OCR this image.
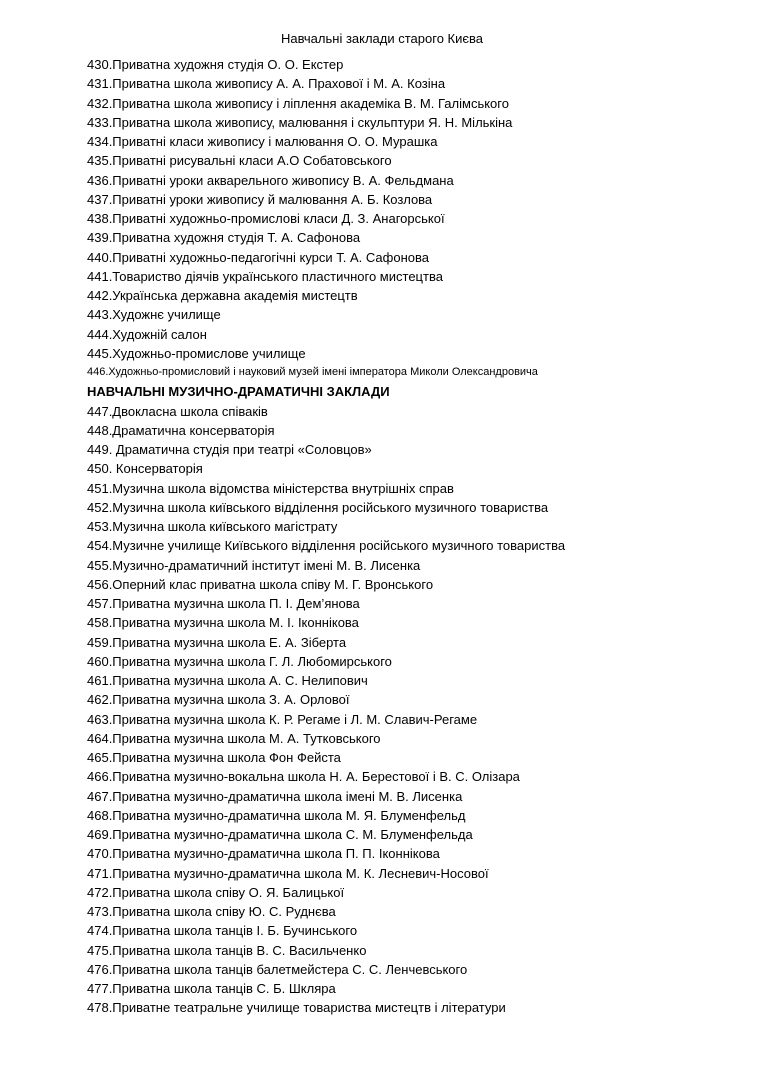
Навчальні заклади старого Києва
430.Приватна художня студія О. О. Екстер
431.Приватна школа живопису А. А. Прахової і М. А. Козіна
432.Приватна школа живопису і ліплення академіка В. М. Галімського
433.Приватна школа живопису, малювання і скульптури Я. Н. Мількіна
434.Приватні класи живопису і малювання О. О. Мурашка
435.Приватні рисувальні класи А.О Собатовського
436.Приватні уроки акварельного живопису В. А. Фельдмана
437.Приватні уроки живопису й малювання А. Б. Козлова
438.Приватні художньо-промислові класи Д. З. Анагорської
439.Приватна художня студія Т. А. Сафонова
440.Приватні художньо-педагогічні курси Т. А. Сафонова
441.Товариство діячів українського пластичного мистецтва
442.Українська державна академія мистецтв
443.Художнє училище
444.Художній салон
445.Художньо-промислове училище
446.Художньо-промисловий і науковий музей імені імператора Миколи Олександровича
НАВЧАЛЬНІ МУЗИЧНО-ДРАМАТИЧНІ ЗАКЛАДИ
447.Двокласна школа співаків
448.Драматична консерваторія
449. Драматична студія при театрі «Соловцов»
450. Консерваторія
451.Музична школа відомства міністерства внутрішніх справ
452.Музична школа київського відділення російського музичного товариства
453.Музична школа київського магістрату
454.Музичне училище Київського відділення російського музичного товариства
455.Музично-драматичний інститут імені М. В. Лисенка
456.Оперний клас приватна школа співу М. Г. Вронського
457.Приватна музична школа П. І. Дем’янова
458.Приватна музична школа М. І. Іконнікова
459.Приватна музична школа Е. А. Зіберта
460.Приватна музична школа Г. Л. Любомирського
461.Приватна музична школа А. С. Нелипович
462.Приватна музична школа З. А. Орлової
463.Приватна музична школа К. Р. Регаме і Л. М. Славич-Регаме
464.Приватна музична школа М. А. Тутковського
465.Приватна музична школа Фон Фейста
466.Приватна музично-вокальна школа Н. А. Берестової і В. С. Олізара
467.Приватна музично-драматична школа імені М. В. Лисенка
468.Приватна музично-драматична школа М. Я. Блуменфельд
469.Приватна музично-драматична школа С. М. Блуменфельда
470.Приватна музично-драматична школа П. П. Іконнікова
471.Приватна музично-драматична школа М. К. Лесневич-Носової
472.Приватна школа співу О. Я. Балицької
473.Приватна школа співу Ю. С. Руднєва
474.Приватна школа танців І. Б. Бучинського
475.Приватна школа танців В. С. Васильченко
476.Приватна школа танців балетмейстера С. С. Ленчевського
477.Приватна школа танців С. Б. Шкляра
478.Приватне театральне училище товариства мистецтв і літератури
